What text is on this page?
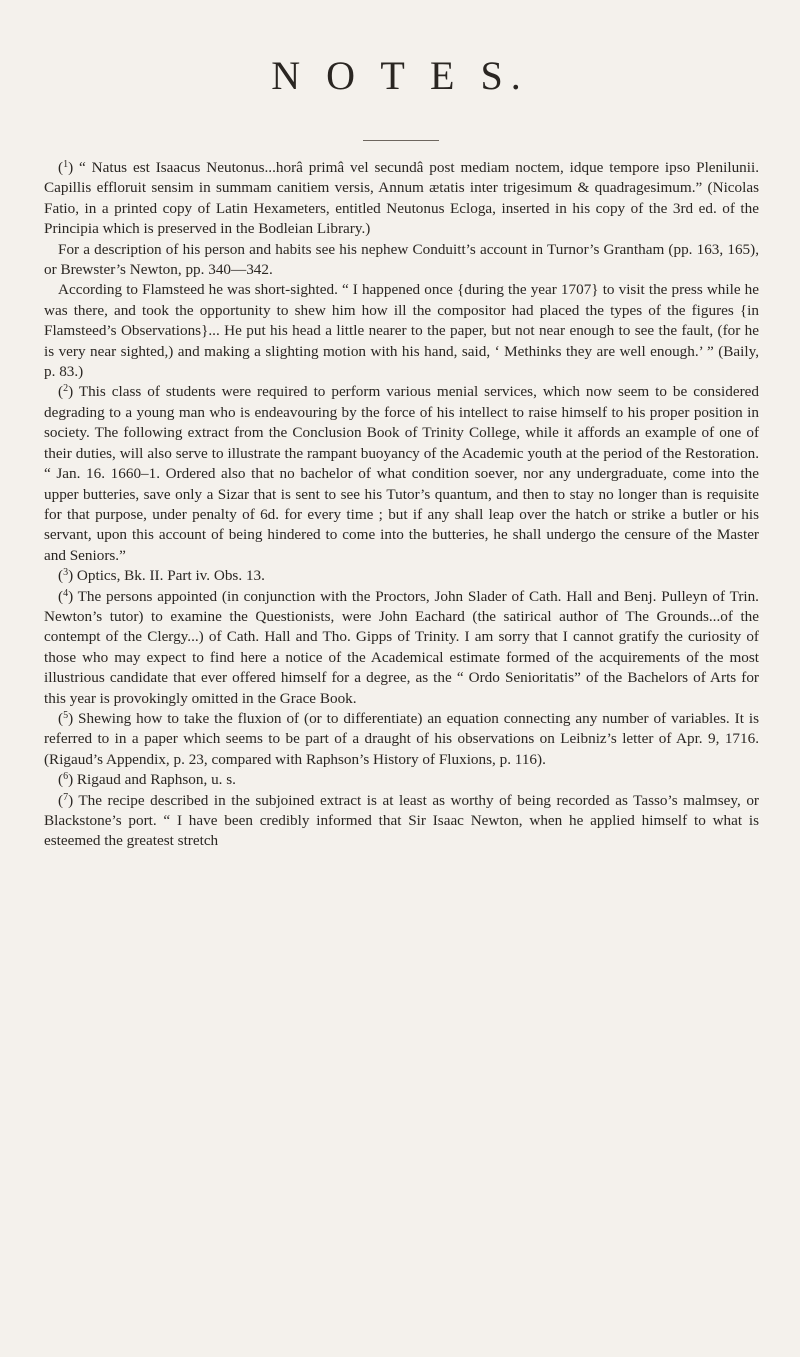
N O T E S.

($^1$) “ Natus est Isaacus Neutonus...horâ primâ vel secundâ post mediam noctem, idque tempore ipso Plenilunii. Capillis effloruit sensim in summam canitiem versis, Annum ætatis inter trigesimum & quadragesimum.” (Nicolas Fatio, in a printed copy of Latin Hexameters, entitled Neutonus Ecloga, inserted in his copy of the 3rd ed. of the Principia which is preserved in the Bodleian Library.)

For a description of his person and habits see his nephew Conduitt’s account in Turnor’s Grantham (pp. 163, 165), or Brewster’s Newton, pp. 340—342.

According to Flamsteed he was short-sighted. “ I happened once {during the year 1707} to visit the press while he was there, and took the opportunity to shew him how ill the compositor had placed the types of the figures {in Flamsteed’s Observations}... He put his head a little nearer to the paper, but not near enough to see the fault, (for he is very near sighted,) and making a slighting motion with his hand, said, ‘ Methinks they are well enough.’ ” (Baily, p. 83.)

($^2$) This class of students were required to perform various menial services, which now seem to be considered degrading to a young man who is endeavouring by the force of his intellect to raise himself to his proper position in society. The following extract from the Conclusion Book of Trinity College, while it affords an example of one of their duties, will also serve to illustrate the rampant buoyancy of the Academic youth at the period of the Restoration. “ Jan. 16. 1660–1. Ordered also that no bachelor of what condition soever, nor any undergraduate, come into the upper butteries, save only a Sizar that is sent to see his Tutor’s quantum, and then to stay no longer than is requisite for that purpose, under penalty of 6d. for every time ; but if any shall leap over the hatch or strike a butler or his servant, upon this account of being hindered to come into the butteries, he shall undergo the censure of the Master and Seniors.”

($^3$) Optics, Bk. II. Part iv. Obs. 13.

($^4$) The persons appointed (in conjunction with the Proctors, John Slader of Cath. Hall and Benj. Pulleyn of Trin. Newton’s tutor) to examine the Questionists, were John Eachard (the satirical author of The Grounds...of the contempt of the Clergy...) of Cath. Hall and Tho. Gipps of Trinity. I am sorry that I cannot gratify the curiosity of those who may expect to find here a notice of the Academical estimate formed of the acquirements of the most illustrious candidate that ever offered himself for a degree, as the “ Ordo Senioritatis” of the Bachelors of Arts for this year is provokingly omitted in the Grace Book.

($^5$) Shewing how to take the fluxion of (or to differentiate) an equation connecting any number of variables. It is referred to in a paper which seems to be part of a draught of his observations on Leibniz’s letter of Apr. 9, 1716. (Rigaud’s Appendix, p. 23, compared with Raphson’s History of Fluxions, p. 116).

($^6$) Rigaud and Raphson, u. s.

($^7$) The recipe described in the subjoined extract is at least as worthy of being recorded as Tasso’s malmsey, or Blackstone’s port. “ I have been credibly informed that Sir Isaac Newton, when he applied himself to what is esteemed the greatest stretch
